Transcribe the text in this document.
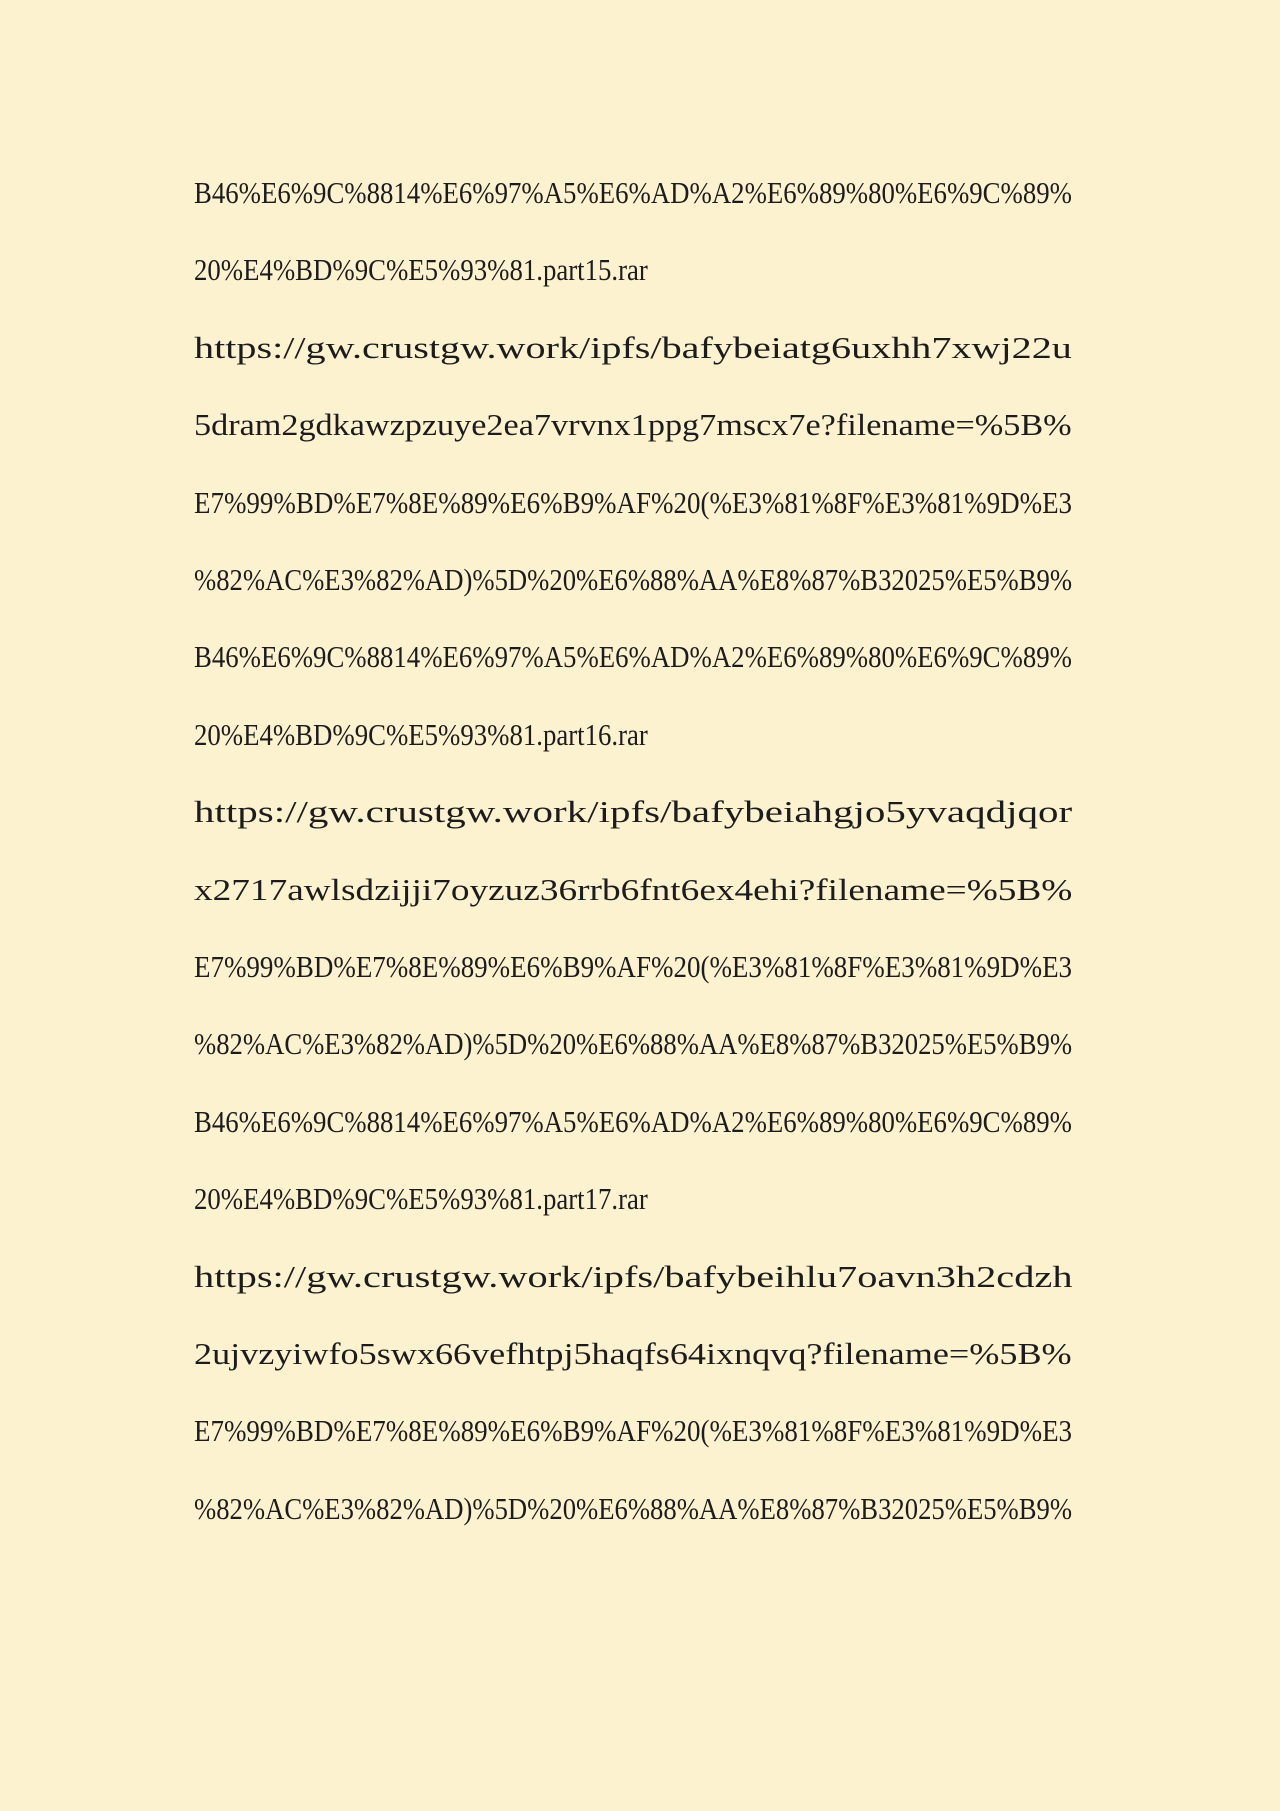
B46%E6%9C%8814%E6%97%A5%E6%AD%A2%E6%89%80%E6%9C%89%
20%E4%BD%9C%E5%93%81.part15.rar
https://gw.crustgw.work/ipfs/bafybeiatg6uxhh7xwj22u
5dram2gdkawzpzuye2ea7vrvnx1ppg7mscx7e?filename=%5B%
E7%99%BD%E7%8E%89%E6%B9%AF%20(%E3%81%8F%E3%81%9D%E3
%82%AC%E3%82%AD)%5D%20%E6%88%AA%E8%87%B32025%E5%B9%
B46%E6%9C%8814%E6%97%A5%E6%AD%A2%E6%89%80%E6%9C%89%
20%E4%BD%9C%E5%93%81.part16.rar
https://gw.crustgw.work/ipfs/bafybeiahgjo5yvaqdjqor
x2717awlsdzijji7oyzuz36rrb6fnt6ex4ehi?filename=%5B%
E7%99%BD%E7%8E%89%E6%B9%AF%20(%E3%81%8F%E3%81%9D%E3
%82%AC%E3%82%AD)%5D%20%E6%88%AA%E8%87%B32025%E5%B9%
B46%E6%9C%8814%E6%97%A5%E6%AD%A2%E6%89%80%E6%9C%89%
20%E4%BD%9C%E5%93%81.part17.rar
https://gw.crustgw.work/ipfs/bafybeihlu7oavn3h2cdzh
2ujvzyiwfo5swx66vefhtpj5haqfs64ixnqvq?filename=%5B%
E7%99%BD%E7%8E%89%E6%B9%AF%20(%E3%81%8F%E3%81%9D%E3
%82%AC%E3%82%AD)%5D%20%E6%88%AA%E8%87%B32025%E5%B9%
